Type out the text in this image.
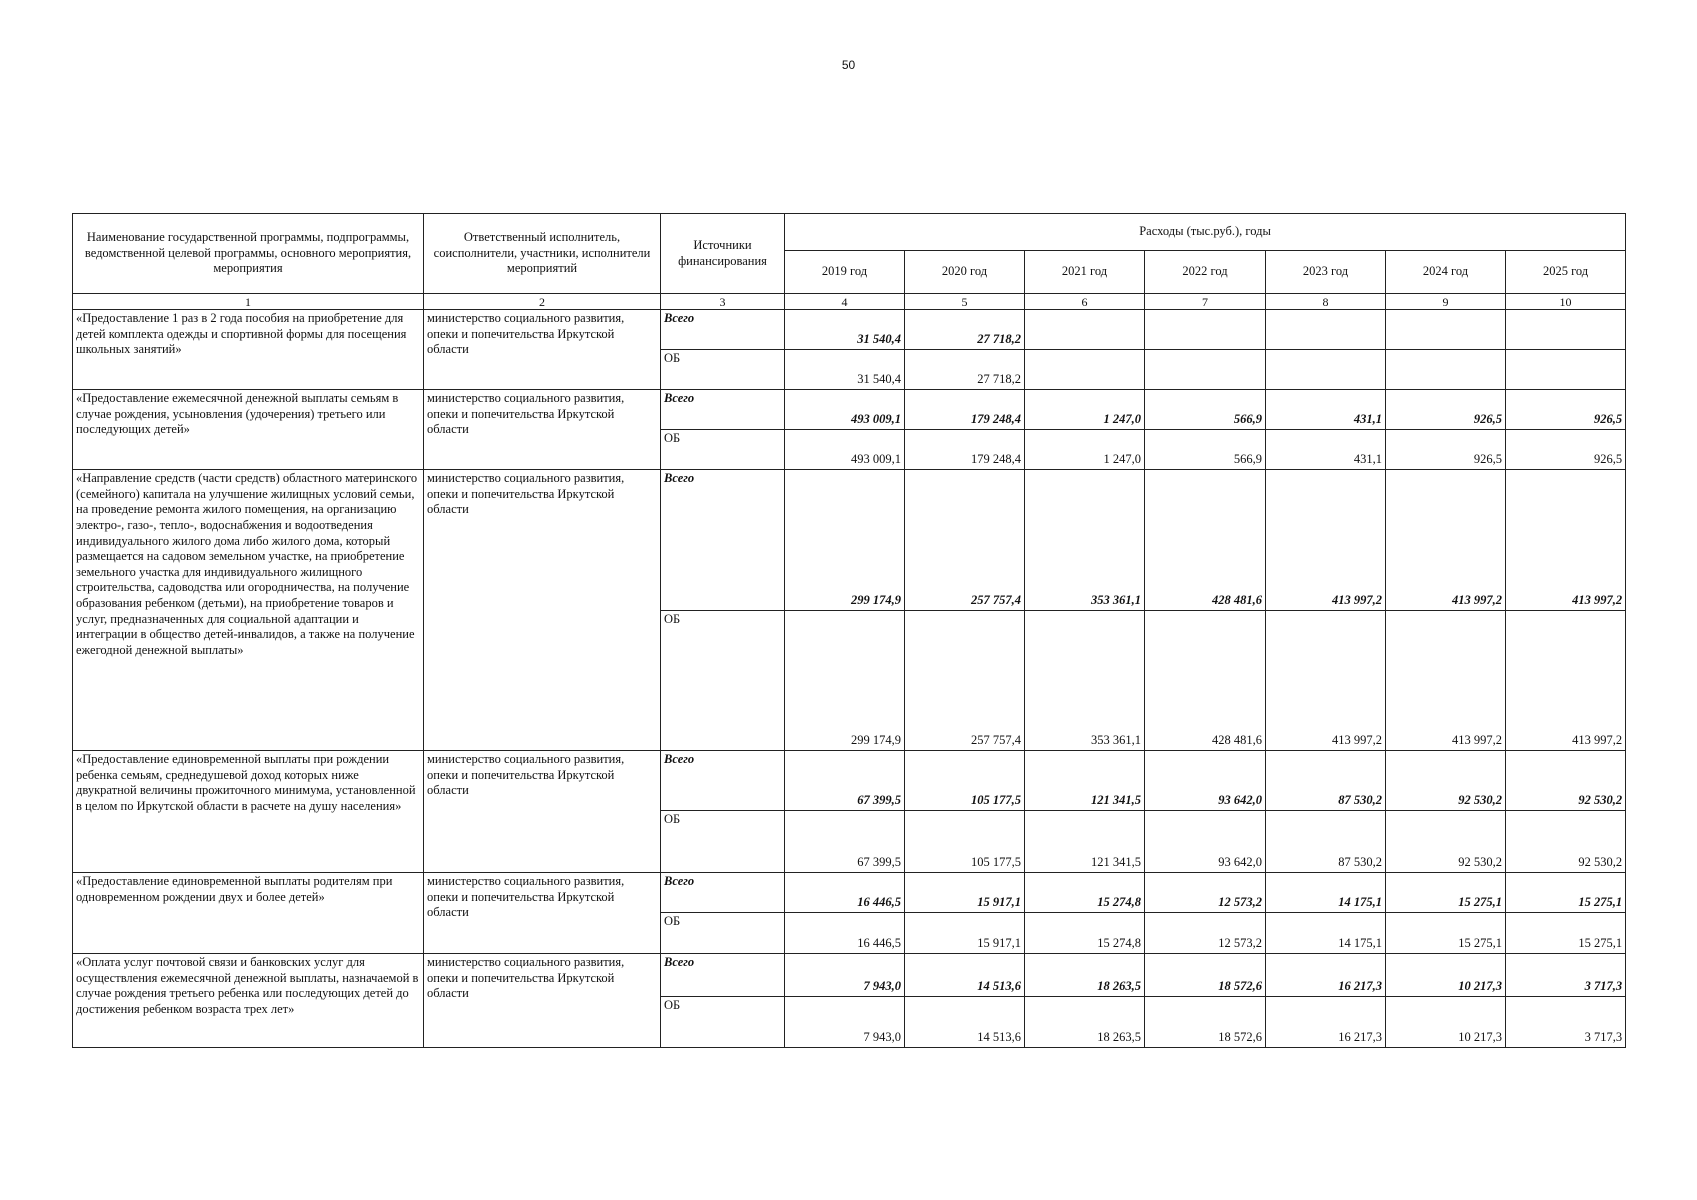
50
Наименование государственной программы, подпрограммы, ведомственной целевой программы, основного мероприятия, мероприятия	Ответственный исполнитель, соисполнители, участники, исполнители мероприятий	Источники финансирования	Расходы (тыс.руб.), годы						
			2019 год	2020 год	2021 год	2022 год	2023 год	2024 год	2025 год
1	2	3	4	5	6	7	8	9	10
«Предоставление 1 раз в 2 года пособия на приобретение для детей комплекта одежды и спортивной формы для посещения школьных занятий»	министерство социального развития, опеки и попечительства Иркутской области	Всего	31 540,4	27 718,2					
		ОБ	31 540,4	27 718,2					
«Предоставление ежемесячной денежной выплаты семьям в случае рождения, усыновления (удочерения) третьего или последующих детей»	министерство социального развития, опеки и попечительства Иркутской области	Всего	493 009,1	179 248,4	1 247,0	566,9	431,1	926,5	926,5
		ОБ	493 009,1	179 248,4	1 247,0	566,9	431,1	926,5	926,5
«Направление средств (части средств) областного материнского (семейного) капитала на улучшение жилищных условий семьи, на проведение ремонта жилого помещения, на организацию электро-, газо-, тепло-, водоснабжения и водоотведения индивидуального жилого дома либо жилого дома, который размещается на садовом земельном участке, на приобретение земельного участка для индивидуального жилищного строительства, садоводства или огородничества, на получение образования ребенком (детьми), на приобретение товаров и услуг, предназначенных для социальной адаптации и интеграции в общество детей-инвалидов, а также на получение ежегодной денежной выплаты»	министерство социального развития, опеки и попечительства Иркутской области	Всего	299 174,9	257 757,4	353 361,1	428 481,6	413 997,2	413 997,2	413 997,2
		ОБ	299 174,9	257 757,4	353 361,1	428 481,6	413 997,2	413 997,2	413 997,2
«Предоставление единовременной выплаты при рождении ребенка семьям, среднедушевой доход которых ниже двукратной величины прожиточного минимума, установленной в целом по Иркутской области в расчете на душу населения»	министерство социального развития, опеки и попечительства Иркутской области	Всего	67 399,5	105 177,5	121 341,5	93 642,0	87 530,2	92 530,2	92 530,2
		ОБ	67 399,5	105 177,5	121 341,5	93 642,0	87 530,2	92 530,2	92 530,2
«Предоставление единовременной выплаты родителям при одновременном рождении двух и более детей»	министерство социального развития, опеки и попечительства Иркутской области	Всего	16 446,5	15 917,1	15 274,8	12 573,2	14 175,1	15 275,1	15 275,1
		ОБ	16 446,5	15 917,1	15 274,8	12 573,2	14 175,1	15 275,1	15 275,1
«Оплата услуг почтовой связи и банковских услуг для осуществления ежемесячной денежной выплаты, назначаемой в случае рождения третьего ребенка или последующих детей до достижения ребенком возраста трех лет»	министерство социального развития, опеки и попечительства Иркутской области	Всего	7 943,0	14 513,6	18 263,5	18 572,6	16 217,3	10 217,3	3 717,3
		ОБ	7 943,0	14 513,6	18 263,5	18 572,6	16 217,3	10 217,3	3 717,3
